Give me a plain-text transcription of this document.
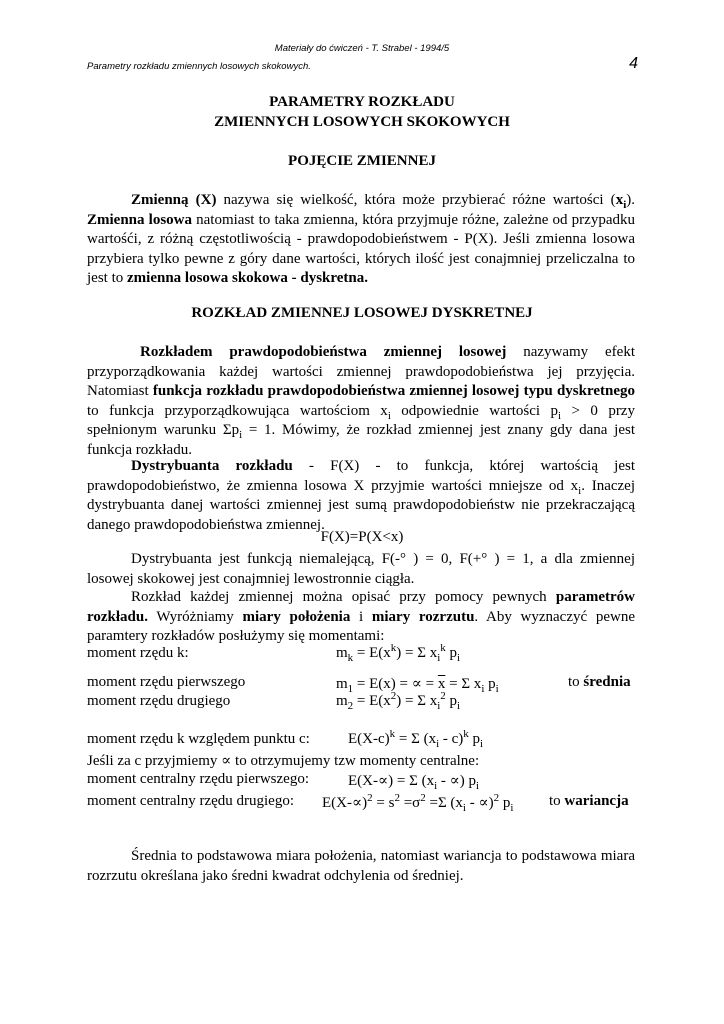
Materiały do ćwiczeń - T. Strabel - 1994/5
Parametry rozkładu zmiennych losowych skokowych.	4
PARAMETRY ROZKŁADU
ZMIENNYCH LOSOWYCH SKOKOWYCH
POJĘCIE ZMIENNEJ
Zmienną (X) nazywa się wielkość, która może przybierać różne wartości $(x_i)$. Zmienna losowa natomiast to taka zmienna, która przyjmuje różne, zależne od przypadku wartośći, z różną częstotliwością - prawdopodobieństwem - P(X). Jeśli zmienna losowa przybiera tylko pewne z góry dane wartości, których ilość jest conajmniej przeliczalna to jest to zmienna losowa skokowa - dyskretna.
ROZKŁAD ZMIENNEJ LOSOWEJ DYSKRETNEJ
Rozkładem prawdopodobieństwa zmiennej losowej nazywamy efekt przyporządkowania każdej wartości zmiennej prawdopodobieństwa jej przyjęcia. Natomiast funkcja rozkładu prawdopodobieństwa zmiennej losowej typu dyskretnego to funkcja przyporządkowująca wartościom $x_i$ odpowiednie wartości $p_i > 0$ przy spełnionym warunku $\Sigma p_i = 1$. Mówimy, że rozkład zmiennej jest znany gdy dana jest funkcja rozkładu.
Dystrybuanta rozkładu - F(X) - to funkcja, której wartością jest prawdopodobieństwo, że zmienna losowa X przyjmie wartości mniejsze od $x_i$. Inaczej dystrybuanta danej wartości zmiennej jest sumą prawdopodobieństw nie przekraczającą danego prawdopodobieństwa zmiennej.
F(X)=P(X<x)
Dystrybuanta jest funkcją niemalejącą, F(-° ) = 0, F(+° ) = 1, a dla zmiennej losowej skokowej jest conajmniej lewostronnie ciągła.
Rozkład każdej zmiennej można opisać przy pomocy pewnych parametrów rozkładu. Wyróżniamy miary położenia i miary rozrzutu. Aby wyznaczyć pewne paramtery rozkładów posłużymy się momentami:
moment rzędu k:	$m_k = E(x^k) = \Sigma$ $x_i^k$ $p_i$
moment rzędu pierwszego	$m_1 = E(x)$ = ∝ = $\overline{x} = \Sigma$ $x_i$ $p_i$	to średnia
moment rzędu drugiego	$m_2 = E(x^2) = \Sigma$ $x_i^2$ $p_i$
moment rzędu k względem punktu c:	$E(X-c)^k = \Sigma$ $(x_i - c)^k$ $p_i$
Jeśli za c przyjmiemy ∝ to otrzymujemy tzw momenty centralne:
moment centralny rzędu pierwszego:	E(X-∝) = Σ ($x_i$ - ∝) $p_i$
moment centralny rzędu drugiego: $E(X-\propto)^2 = s^2 =\sigma^2 =\Sigma$ $(x_i - \propto)^2$ $p_i$ to wariancja
Średnia to podstawowa miara położenia, natomiast wariancja to podstawowa miara rozrzutu określana jako średni kwadrat odchylenia od średniej.
